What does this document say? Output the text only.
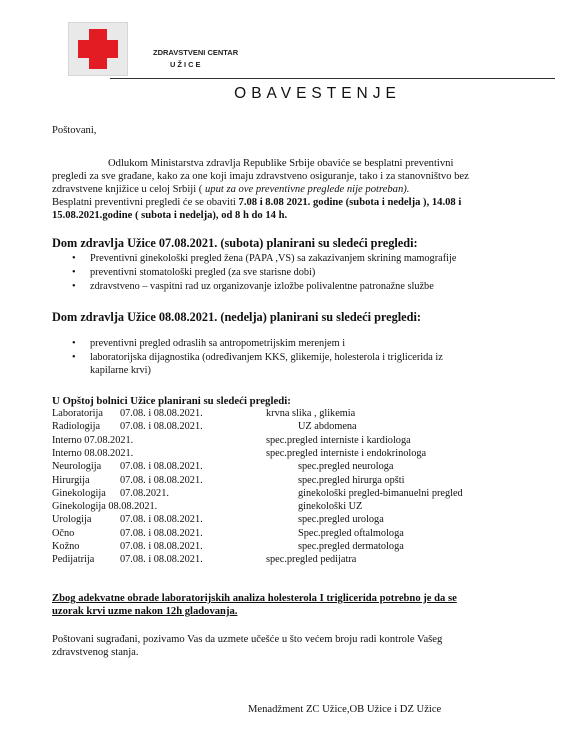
ZDRAVSTVENI CENTAR
UŽICE
OBAVESTENJE
Poštovani,
Odlukom Ministarstva zdravlja Republike Srbije obaviće se besplatni preventivni
pregledi za sve građane, kako za one koji imaju zdravstveno osiguranje, tako i za stanovništvo bez
zdravstvene knjižice u celoj Srbiji ( uput za ove preventivne preglede nije potreban).
Besplatni preventivni pregledi će se obaviti 7.08 i 8.08 2021. godine (subota i nedelja ), 14.08 i
15.08.2021.godine ( subota i nedelja), od 8 h do 14 h.
Dom zdravlja Užice 07.08.2021. (subota) planirani su sledeći pregledi:
• Preventivni ginekološki pregled žena (PAPA ,VS) sa zakazivanjem skrining mamografije
• preventivni stomatološki pregled (za sve starisne dobi)
• zdravstveno – vaspitni rad uz organizovanje izložbe polivalentne patronažne službe
Dom zdravlja Užice 08.08.2021. (nedelja) planirani su sledeći pregledi:
• preventivni pregled odraslih sa antropometrijskim merenjem i
• laboratorijska dijagnostika (određivanjem KKS, glikemije, holesterola i triglicerida iz
kapilarne krvi)
U Opštoj bolnici Užice planirani su sledeći pregledi:
Laboratorija 07.08. i 08.08.2021.	krvna slika , glikemia
Radiologija 07.08. i 08.08.2021.	UZ abdomena
Interno 07.08.2021.	spec.pregled interniste i kardiologa
Interno 08.08.2021.	spec.pregled interniste i endokrinologa
Neurologija 07.08. i 08.08.2021.	spec.pregled neurologa
Hirurgija	07.08. i 08.08.2021.	spec.pregled hirurga opšti
Ginekologija 07.08.2021.	ginekološki pregled-bimanuelni pregled
Ginekologija 08.08.2021.	ginekološki UZ
Urologija	07.08. i 08.08.2021.	spec.pregled urologa
Očno	07.08. i 08.08.2021.	Spec.pregled oftalmologa
Kožno	07.08. i 08.08.2021.	spec.pregled dermatologa
Pedijatrija 07.08. i 08.08.2021.	spec.pregled pedijatra
Zbog adekvatne obrade laboratorijskih analiza holesterola I triglicerida potrebno je da se
uzorak krvi uzme nakon 12h gladovanja.
Poštovani sugrađani, pozivamo Vas da uzmete učešće u što većem broju radi kontrole Vašeg
zdravstvenog stanja.
Menadžment ZC Užice,OB Užice i DZ Užice
